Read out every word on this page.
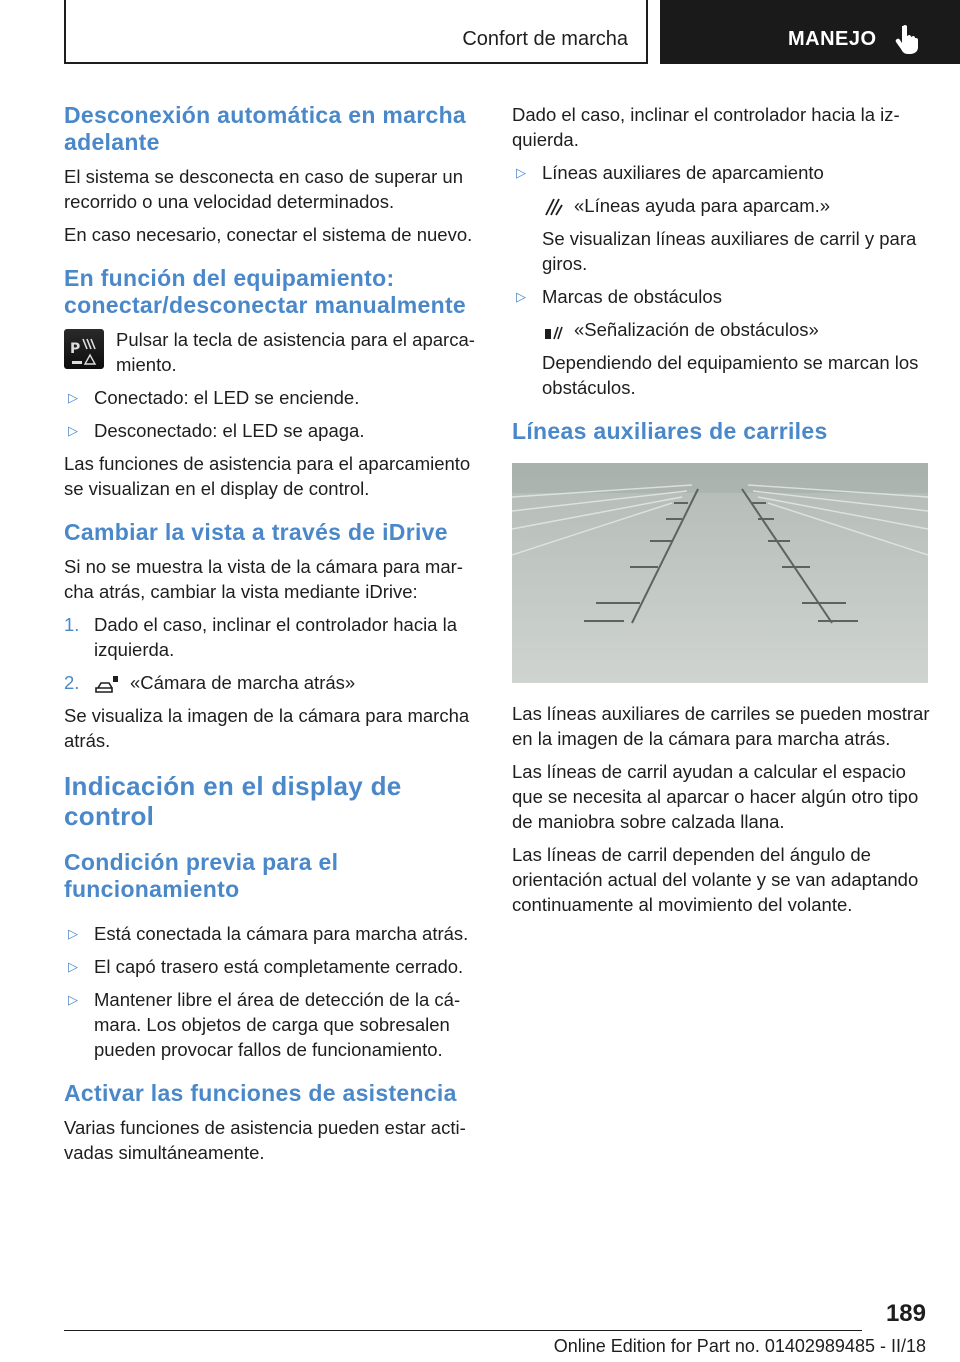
Confort de marcha	MANEJO
Desconexión automática en marcha adelante

El sistema se desconecta en caso de superar un recorrido o una velocidad determinados.

En caso necesario, conectar el sistema de nuevo.

En función del equipamiento: conectar/desconectar manualmente
P Pulsar la tecla de asistencia para el aparcamiento.

▷ Conectado: el LED se enciende.

▷ Desconectado: el LED se apaga.

Las funciones de asistencia para el aparcamiento se visualizan en el display de control.

Cambiar la vista a través de iDrive

Si no se muestra la vista de la cámara para marcha atrás, cambiar la vista mediante iDrive:

1. Dado el caso, inclinar el controlador hacia la izquierda.

2.	«Cámara de marcha atrás»

Se visualiza la imagen de la cámara para marcha atrás.

Indicación en el display de control
Condición previa para el funcionamiento

▷ Está conectada la cámara para marcha atrás.

▷ El capó trasero está completamente cerrado.

▷ Mantener libre el área de detección de la cámara. Los objetos de carga que sobresalen pueden provocar fallos de funcionamiento.

Activar las funciones de asistencia

Varias funciones de asistencia pueden estar activadas simultáneamente.

Dado el caso, inclinar el controlador hacia la izquierda.

▷ Líneas auxiliares de aparcamiento

«Líneas ayuda para aparcam.»

Se visualizan líneas auxiliares de carril y para giros.

▷ Marcas de obstáculos

«Señalización de obstáculos»

Dependiendo del equipamiento se marcan los obstáculos.

Líneas auxiliares de carriles

Las líneas auxiliares de carriles se pueden mostrar en la imagen de la cámara para marcha atrás.

Las líneas de carril ayudan a calcular el espacio que se necesita al aparcar o hacer algún otro tipo de maniobra sobre calzada llana.

Las líneas de carril dependen del ángulo de orientación actual del volante y se van adaptando continuamente al movimiento del volante.

189
Online Edition for Part no. 01402989485 - II/18
